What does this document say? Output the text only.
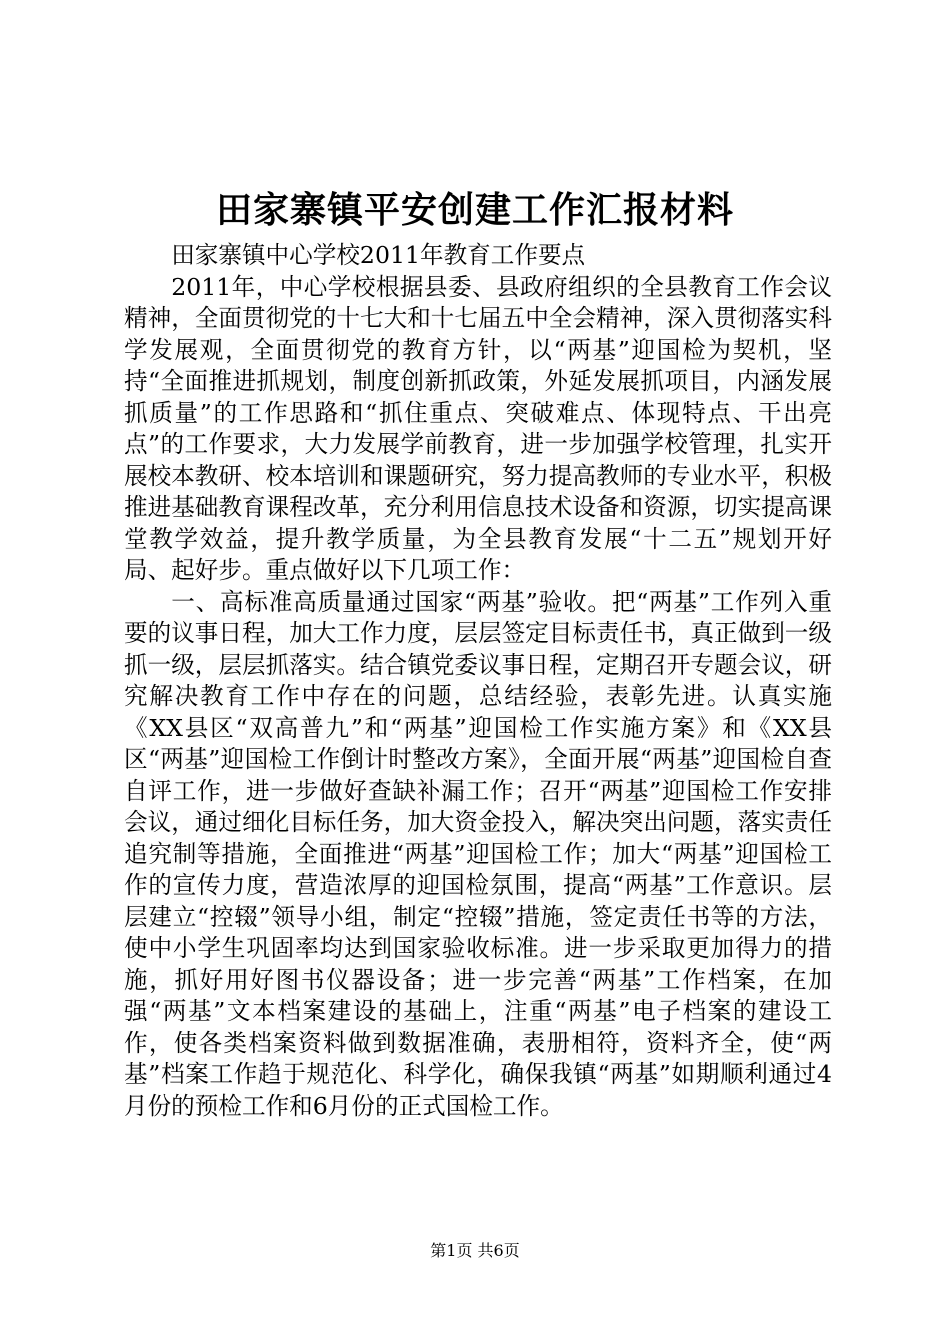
田家寨镇平安创建工作汇报材料

田家寨镇中心学校2011年教育工作要点

2011年，中心学校根据县委、县政府组织的全县教育工作会议精神，全面贯彻党的十七大和十七届五中全会精神，深入贯彻落实科学发展观，全面贯彻党的教育方针，以“两基”迎国检为契机，坚持“全面推进抓规划，制度创新抓政策，外延发展抓项目，内涵发展抓质量”的工作思路和“抓住重点、突破难点、体现特点、干出亮点”的工作要求，大力发展学前教育，进一步加强学校管理，扎实开展校本教研、校本培训和课题研究，努力提高教师的专业水平，积极推进基础教育课程改革，充分利用信息技术设备和资源，切实提高课堂教学效益，提升教学质量，为全县教育发展“十二五”规划开好局、起好步。重点做好以下几项工作：

一、高标准高质量通过国家“两基”验收。把“两基”工作列入重要的议事日程，加大工作力度，层层签定目标责任书，真正做到一级抓一级，层层抓落实。结合镇党委议事日程，定期召开专题会议，研究解决教育工作中存在的问题，总结经验，表彰先进。认真实施《XX县区“双高普九”和“两基”迎国检工作实施方案》和《XX县区“两基”迎国检工作倒计时整改方案》，全面开展“两基”迎国检自查自评工作，进一步做好查缺补漏工作；召开“两基”迎国检工作安排会议，通过细化目标任务，加大资金投入，解决突出问题，落实责任追究制等措施，全面推进“两基”迎国检工作；加大“两基”迎国检工作的宣传力度，营造浓厚的迎国检氛围，提高“两基”工作意识。层层建立“控辍”领导小组，制定“控辍”措施，签定责任书等的方法，使中小学生巩固率均达到国家验收标准。进一步采取更加得力的措施，抓好用好图书仪器设备；进一步完善“两基”工作档案，在加强“两基”文本档案建设的基础上，注重“两基”电子档案的建设工作，使各类档案资料做到数据准确，表册相符，资料齐全，使“两基”档案工作趋于规范化、科学化，确保我镇“两基”如期顺利通过4月份的预检工作和6月份的正式国检工作。

第1页 共6页
